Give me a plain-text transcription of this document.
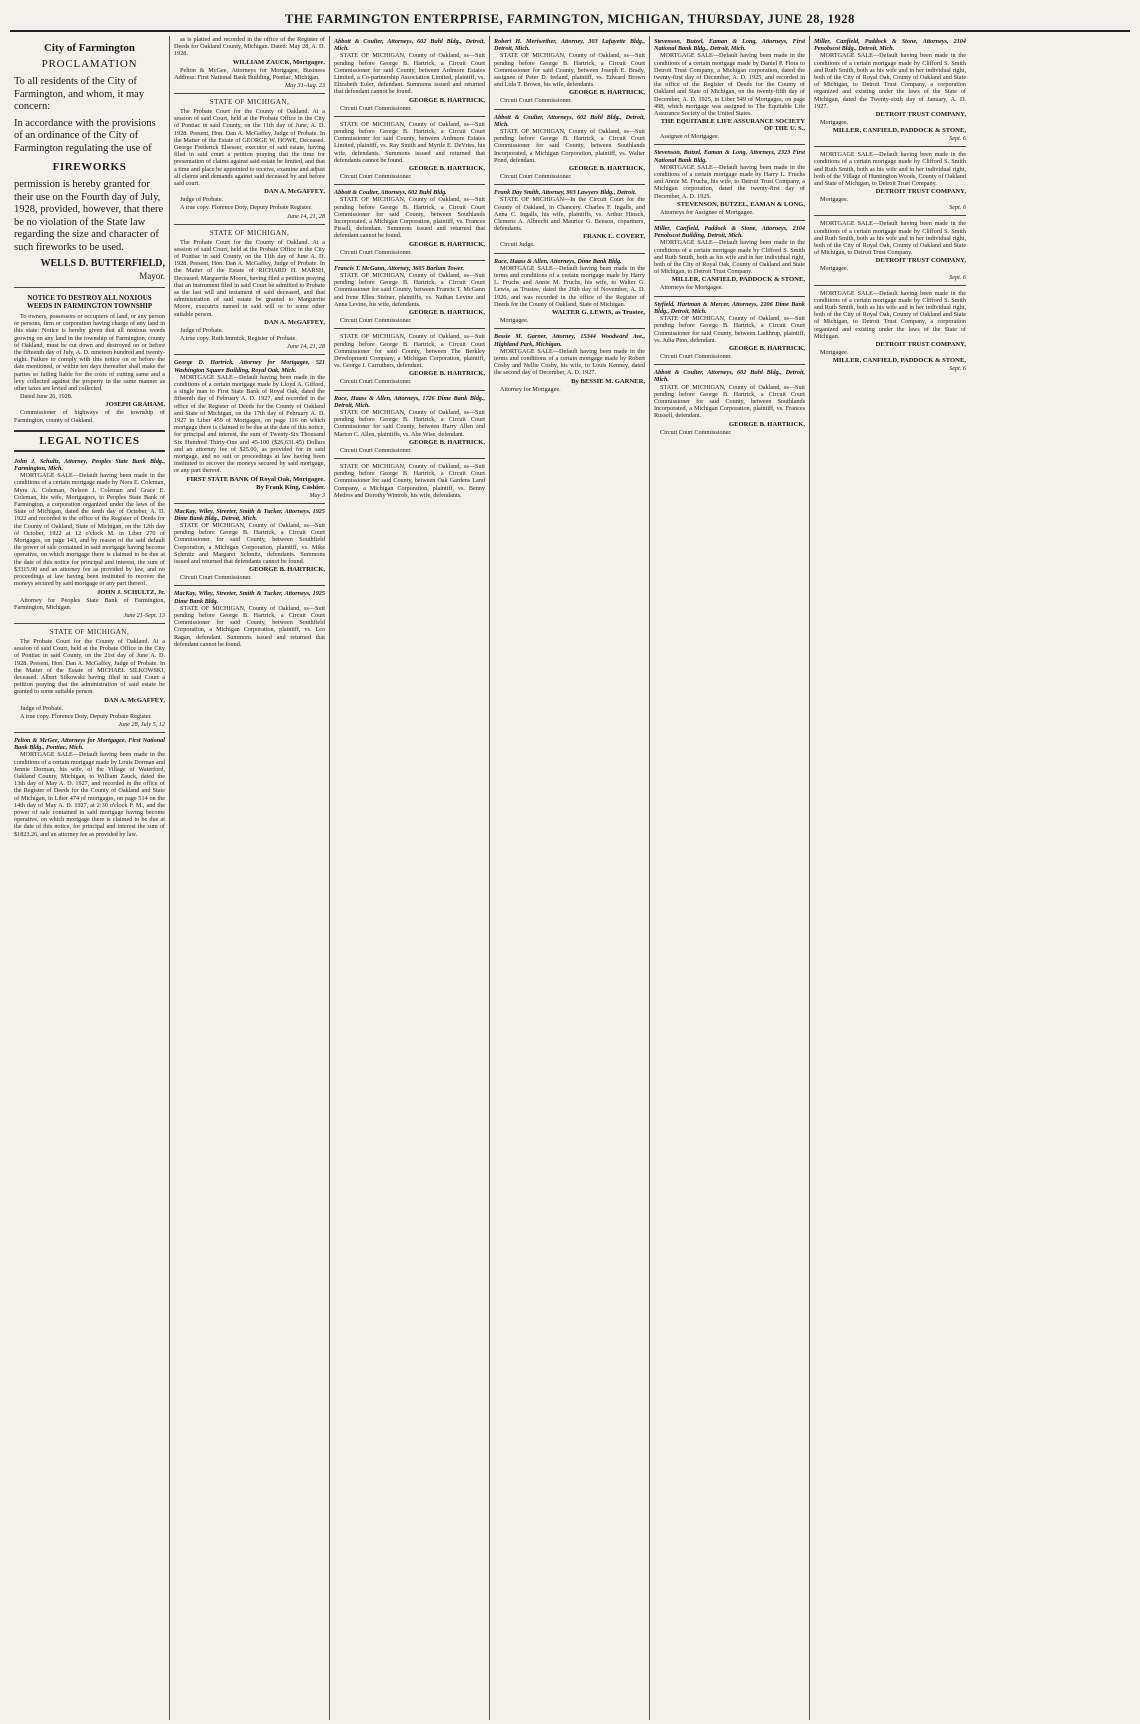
THE FARMINGTON ENTERPRISE, FARMINGTON, MICHIGAN, THURSDAY, JUNE 28, 1928
City of Farmington
PROCLAMATION
To all residents of the City of Farmington, and whom, it may concern:
In accordance with the provisions of an ordinance of the City of Farmington regulating the use of
FIREWORKS
permission is hereby granted for their use on the Fourth day of July, 1928, provided, however, that there be no violation of the State law regarding the size and character of such fireworks to be used.
WELLS D. BUTTERFIELD,
Mayor.
NOTICE TO DESTROY ALL NOXIOUS WEEDS IN FARMINGTON TOWNSHIP
To owners, possessors or occupiers of land, or any person or persons, firm or corporation having charge of any land in this state: Notice is hereby given that all noxious weeds growing on any land in the township of Farmington, county of Oakland, must be cut down and destroyed on or before the fifteenth day of July, A. D. nineteen hundred and twenty-eight. Failure to comply with this notice on or before the date mentioned, or within ten days thereafter shall make the parties so failing liable for the costs of cutting same and a levy collected against the property in the same manner as other taxes are levied and collected.
Dated June 26, 1928.
JOSEPH GRAHAM,
Commissioner of highways of the township of Farmington, county of Oakland.
LEGAL NOTICES
John J. Schultz, Attorney, Peoples State Bank Bldg., Farmington, Mich.
MORTGAGE SALE—Default having been made in the conditions of a certain mortgage made by Nora E. Coleman, Myra A. Coleman, Nelson J. Coleman and Grace E. Coleman, his wife, Mortgagors, to Peoples State Bank of Farmington, a corporation organized under the laws of the State of Michigan, dated the tenth day of October, A. D. 1922 and recorded in the office of the Register of Deeds for the County of Oakland, State of Michigan, on the 12th day of October, 1922 at 12 o'clock M. in Liber 270 of Mortgages, on page 143, and by reason of the said default the power of sale contained in said mortgage having become operative, on which mortgage there is claimed to be due at the date of this notice for principal and interest, the sum of $3315.90 and an attorney fee as provided by law, and no proceedings at law having been instituted to recover the moneys secured by said mortgage or any part thereof.
JOHN J. SCHULTZ, Jr.
Attorney for Peoples State Bank of Farmington, Farmington, Michigan.
June 21-Sept. 13
STATE OF MICHIGAN,
The Probate Court for the County of Oakland. At a session of said Court, held at the Probate Office in the City of Pontiac in said County, on the 21st day of June A. D. 1928. Present, Hon. Dan A. McGaffey, Judge of Probate. In the Matter of the Estate of MICHAEL SILKOWSKI, deceased. Albert Silkowski having filed in said Court a petition praying that the administration of said estate be granted to some suitable person.
DAN A. McGAFFEY,
Judge of Probate.
A true copy. Florence Doty, Deputy Probate Register.
June 28, July 5, 12
Pelton & McGee, Attorneys for Mortgagee, First National Bank Bldg., Pontiac, Mich.
MORTGAGE SALE—Default having been made in the conditions of a certain mortgage made by Louis Dorman and Jennie Dorman, his wife, of the Village of Waterford, Oakland County, Michigan, to William Zauck, dated the 13th day of May A. D. 1927, and recorded in the office of the Register of Deeds for the County of Oakland and State of Michigan, in Liber 474 of mortgages, on page 514 on the 14th day of May A. D. 1927, at 2:30 o'clock P. M., and the power of sale contained in said mortgage having become operative, on which mortgage there is claimed to be due at the date of this notice, for principal and interest the sum of $1823.26, and an attorney fee as provided by law.
as is platted and recorded in the office of the Register of Deeds for Oakland County, Michigan. Dated: May 28, A. D. 1928.
WILLIAM ZAUCK, Mortgagee.
Pelton & McGee, Attorneys for Mortgagee, Business Address: First National Bank Building, Pontiac, Michigan.
May 31-Aug. 23
STATE OF MICHIGAN,
The Probate Court for the County of Oakland. At a session of said Court, held at the Probate Office in the City of Pontiac in said County, on the 11th day of June, A. D. 1928. Present, Hon. Dan A. McGaffey, Judge of Probate. In the Matter of the Estate of GEORGE W. HOWE, Deceased. George Frederick Elsesser, executor of said estate, having filed in said court a petition praying that the time for presentation of claims against said estate be limited, and that a time and place be appointed to receive, examine and adjust all claims and demands against said deceased by and before said court.
DAN A. McGAFFEY,
Judge of Probate.
A true copy. Florence Doty, Deputy Probate Register.
June 14, 21, 28
STATE OF MICHIGAN,
The Probate Court for the County of Oakland. At a session of said Court, held at the Probate Office in the City of Pontiac in said County, on the 11th day of June A. D. 1928. Present, Hon. Dan A. McGaffey, Judge of Probate. In the Matter of the Estate of RICHARD H. MARSH, Deceased. Marguerite Moore, having filed a petition praying that an instrument filed in said Court be admitted to Probate as the last will and testament of said deceased, and that administration of said estate be granted to Marguerite Moore, executrix named in said will or to some other suitable person.
DAN A. McGAFFEY,
Judge of Probate.
A true copy. Ruth Immick, Register of Probate.
June 14, 21, 28
George D. Hartrick, Attorney for Mortgagee, 521 Washington Square Building, Royal Oak, Mich.
MORTGAGE SALE—Default having been made in the conditions of a certain mortgage made by Lloyd A. Gifford, a single man to First State Bank of Royal Oak, dated the fifteenth day of February A. D. 1927, and recorded in the office of the Register of Deeds for the County of Oakland and State of Michigan, on the 17th day of February A. D. 1927 in Liber 459 of Mortgages, on page 116 on which mortgage there is claimed to be due at the date of this notice, for principal and interest, the sum of Twenty-Six Thousand Six Hundred Thirty-One and 45-100 ($26,631.45) Dollars and an attorney fee of $25.00, as provided for in said mortgage, and no suit or proceedings at law having been instituted to recover the moneys secured by said mortgage, or any part thereof.
FIRST STATE BANK Of Royal Oak, Mortgagee.
By Frank King, Cashier.
May 3
MacKay, Wiley, Streeter, Smith & Tucker, Attorneys, 1925 Dime Bank Bldg., Detroit, Mich.
STATE OF MICHIGAN, County of Oakland, ss—Suit pending before George B. Hartrick, a Circuit Court Commissioner for said County, between Southfield Corporation, a Michigan Corporation, plaintiff, vs. Mike Schmitz and Margaret Schmitz, defendants. Summons issued and returned that defendants cannot be found.
GEORGE B. HARTRICK,
Circuit Court Commissioner.
MacKay, Wiley, Streeter, Smith & Tucker, Attorneys, 1925 Dime Bank Bldg.
STATE OF MICHIGAN, County of Oakland, ss—Suit pending before George B. Hartrick, a Circuit Court Commissioner for said County, between Southfield Corporation, a Michigan Corporation, plaintiff, vs. Leo Ragan, defendant. Summons issued and returned that defendant cannot be found.
Abbott & Coulter, Attorneys, 602 Buhl Bldg., Detroit, Mich.
STATE OF MICHIGAN, County of Oakland, ss—Suit pending before George B. Hartrick, a Circuit Court Commissioner for said County, between Ardmore Estates Limited, a Co-partnership Association Limited, plaintiff, vs. Elizabeth Euler, defendant. Summons issued and returned that defendant cannot be found.
GEORGE B. HARTRICK,
Circuit Court Commissioner.
STATE OF MICHIGAN, County of Oakland, ss—Suit pending before George B. Hartrick, a Circuit Court Commissioner for said County, between Ardmore Estates Limited, plaintiff, vs. Ray Smith and Myrtle E. DeVries, his wife, defendants. Summons issued and returned that defendants cannot be found.
GEORGE B. HARTRICK,
Circuit Court Commissioner.
Abbott & Coulter, Attorneys, 602 Buhl Bldg.
STATE OF MICHIGAN, County of Oakland, ss—Suit pending before George B. Hartrick, a Circuit Court Commissioner for said County, between Southlands Incorporated, a Michigan Corporation, plaintiff, vs. Frances Pissell, defendant. Summons issued and returned that defendant cannot be found.
GEORGE B. HARTRICK,
Circuit Court Commissioner.
Francis T. McGann, Attorney, 3605 Barlum Tower.
STATE OF MICHIGAN, County of Oakland, ss—Suit pending before George B. Hartrick, a Circuit Court Commissioner for said County, between Francis T. McGann and Irene Ellen Steiner, plaintiffs, vs. Nathan Levine and Anna Levine, his wife, defendants.
GEORGE B. HARTRICK,
Circuit Court Commissioner.
STATE OF MICHIGAN, County of Oakland, ss—Suit pending before George B. Hartrick, a Circuit Court Commissioner for said County, between The Berkley Development Company, a Michigan Corporation, plaintiff, vs. George J. Carruthers, defendant.
GEORGE B. HARTRICK,
Circuit Court Commissioner.
Race, Haass & Allen, Attorneys, 1726 Dime Bank Bldg., Detroit, Mich.
STATE OF MICHIGAN, County of Oakland, ss—Suit pending before George B. Hartrick, a Circuit Court Commissioner for said County, between Harry Allen and Marion C. Allen, plaintiffs, vs. Abe Wise, defendant.
GEORGE B. HARTRICK,
Circuit Court Commissioner.
STATE OF MICHIGAN, County of Oakland, ss—Suit pending before George B. Hartrick, a Circuit Court Commissioner for said County, between Oak Gardens Land Company, a Michigan Corporation, plaintiff, vs. Benny Medros and Dorothy Wintrob, his wife, defendants.
Robert H. Meriwether, Attorney, 303 Lafayette Bldg., Detroit, Mich.
STATE OF MICHIGAN, County of Oakland, ss—Suit pending before George B. Hartrick, a Circuit Court Commissioner for said County, between Joseph E. Brady, assignee of Peter D. Ireland, plaintiff, vs. Edward Brown and Lida T. Brown, his wife, defendants.
GEORGE B. HARTRICK,
Circuit Court Commissioner.
Abbott & Coulter, Attorneys, 602 Buhl Bldg., Detroit, Mich.
STATE OF MICHIGAN, County of Oakland, ss—Suit pending before George B. Hartrick, a Circuit Court Commissioner for said County, between Southlands Incorporated, a Michigan Corporation, plaintiff, vs. Walter Pond, defendant.
GEORGE B. HARTRICK,
Circuit Court Commissioner.
Frank Day Smith, Attorney, 903 Lawyers Bldg., Detroit.
STATE OF MICHIGAN—In the Circuit Court for the County of Oakland, in Chancery. Charles F. Ingalls, and Anna C. Ingalls, his wife, plaintiffs, vs. Arthur Hinsch, Clemens A. Albrecht and Maurice G. Benson, copartners, defendants.
FRANK L. COVERT,
Circuit Judge.
Race, Haass & Allen, Attorneys, Dime Bank Bldg.
MORTGAGE SALE—Default having been made in the terms and conditions of a certain mortgage made by Harry L. Fruchs and Annie M. Fruchs, his wife, to Walter G. Lewis, as Trustee, dated the 26th day of November, A. D. 1926, and was recorded in the office of the Register of Deeds for the County of Oakland, State of Michigan.
WALTER G. LEWIS, as Trustee,
Mortgagee.
Bessie M. Garner, Attorney, 15344 Woodward Ave., Highland Park, Michigan.
MORTGAGE SALE—Default having been made in the terms and conditions of a certain mortgage made by Robert Cosby and Nellie Cosby, his wife, to Louis Kenney, dated the second day of December, A. D. 1927.
By BESSIE M. GARNER,
Attorney for Mortgagee.
Stevenson, Butzel, Eaman & Long, Attorneys, First National Bank Bldg., Detroit, Mich.
MORTGAGE SALE—Default having been made in the conditions of a certain mortgage made by Daniel P. Flora to Detroit Trust Company, a Michigan corporation, dated the twenty-first day of December, A. D. 1925, and recorded in the office of the Register of Deeds for the County of Oakland and State of Michigan, on the twenty-fifth day of December, A. D. 1925, in Liber 549 of Mortgages, on page 498, which mortgage was assigned to The Equitable Life Assurance Society of the United States.
THE EQUITABLE LIFE ASSURANCE SOCIETY OF THE U. S.,
Assignee of Mortgagee.
Stevenson, Butzel, Eaman & Long, Attorneys, 2323 First National Bank Bldg.
MORTGAGE SALE—Default having been made in the conditions of a certain mortgage made by Harry L. Fruchs and Annie M. Fruchs, his wife, to Detroit Trust Company, a Michigan corporation, dated the twenty-first day of December, A. D. 1925.
STEVENSON, BUTZEL, EAMAN & LONG,
Attorneys for Assignee of Mortgagee.
Miller, Canfield, Paddock & Stone, Attorneys, 2104 Penobscot Building, Detroit, Mich.
MORTGAGE SALE—Default having been made in the conditions of a certain mortgage made by Clifford S. Smith and Ruth Smith, both as his wife and in her individual right, both of the City of Royal Oak, County of Oakland and State of Michigan, to Detroit Trust Company.
MILLER, CANFIELD, PADDOCK & STONE,
Attorneys for Mortgagee.
Styfield, Hartman & Mercer, Attorneys, 2206 Dime Bank Bldg., Detroit, Mich.
STATE OF MICHIGAN, County of Oakland, ss—Suit pending before George B. Hartrick, a Circuit Court Commissioner for said County, between Ladthrup, plaintiff, vs. Julia Pino, defendant.
GEORGE B. HARTRICK,
Circuit Court Commissioner.
Abbott & Coulter, Attorneys, 602 Buhl Bldg., Detroit, Mich.
STATE OF MICHIGAN, County of Oakland, ss—Suit pending before George B. Hartrick, a Circuit Court Commissioner for said County, between Southlands Incorporated, a Michigan Corporation, plaintiff, vs. Frances Russell, defendant.
GEORGE B. HARTRICK,
Circuit Court Commissioner.
Miller, Canfield, Paddock & Stone, Attorneys, 2104 Penobscot Bldg., Detroit, Mich.
MORTGAGE SALE—Default having been made in the conditions of a certain mortgage made by Clifford S. Smith and Ruth Smith, both as his wife and in her individual right, both of the City of Royal Oak, County of Oakland and State of Michigan, to Detroit Trust Company, a corporation organized and existing under the laws of the State of Michigan, dated the Twenty-sixth day of January, A. D. 1927.
DETROIT TRUST COMPANY,
Mortgagee.
MILLER, CANFIELD, PADDOCK & STONE,
Sept. 6
MORTGAGE SALE—Default having been made in the conditions of a certain mortgage made by Clifford S. Smith and Ruth Smith, both as his wife and in her individual right, both of the Village of Huntington Woods, County of Oakland and State of Michigan, to Detroit Trust Company.
DETROIT TRUST COMPANY,
Mortgagee.
Sept. 6
MORTGAGE SALE—Default having been made in the conditions of a certain mortgage made by Clifford S. Smith and Ruth Smith, both as his wife and in her individual right, both of the City of Royal Oak, County of Oakland and State of Michigan, to Detroit Trust Company.
DETROIT TRUST COMPANY,
Mortgagee.
Sept. 6
MORTGAGE SALE—Default having been made in the conditions of a certain mortgage made by Clifford S. Smith and Ruth Smith, both as his wife and in her individual right, both of the City of Royal Oak, County of Oakland and State of Michigan, to Detroit Trust Company, a corporation organized and existing under the laws of the State of Michigan.
DETROIT TRUST COMPANY,
Mortgagee.
MILLER, CANFIELD, PADDOCK & STONE,
Sept. 6
